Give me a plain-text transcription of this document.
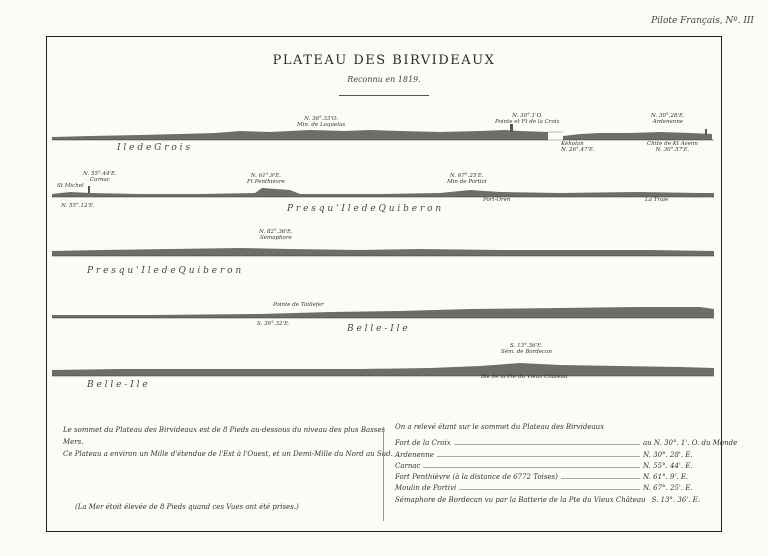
Pilote Français, Nº. III
PLATEAU DES BIRVIDEAUX
Reconnu en 1819.
N. 36°.33'O.
Min. de Loquelas
N. 30°.1'O.
Pointe et Ft de la Croix
N. 30°.28'E.
Ardenenne
Keholan
N. 26°.47'E.
Chtte de Kt Avenn
N. 30°.57'E.
I l e d e G r o i s
N. 55°.44'E.
Carnac
St Michel
N. 55°.12'E.
N. 61°.9'E.
Ft Penthièvre
N. 67°.25'E.
Min de Portivi
Port-Oren	La Traie
P r e s q u ' I l e d e Q u i b e r o n
N. 82°.36'E.
Sémaphore
P r e s q u ' I l e d e Q u i b e r o n
Pointe de Taillefer
S. 36°.32'E.	B e l l e - I l e
S. 13°.36'E.
Sém. de Bordecan
Bie de la Pte du Vieux Château
B e l l e - I l e

Le sommet du Plateau des Birvideaux est de 8 Pieds au-dessous du niveau des plus Basses Mers.

Ce Plateau a environ un Mille d'étendue de l'Est à l'Ouest, et un Demi-Mille du Nord au Sud.

(La Mer étoit élevée de 8 Pieds quand ces Vues ont été prises.)
On a relevé étant sur le sommet du Plateau des Birvideaux
Fort de la Croix	au N. 30°. 1'. O. du Monde
Ardenenne	N. 30°. 28'. E.
Carnac	N. 55°. 44'. E.
Fort Penthièvre (à la distance de 6772 Toises)	N. 61°. 9'. E.
Moulin de Portivi	N. 67°. 25'. E.
Sémaphore de Bordecan vu par la Batterie de la Pte du Vieux Château S. 13°. 36'. E.
